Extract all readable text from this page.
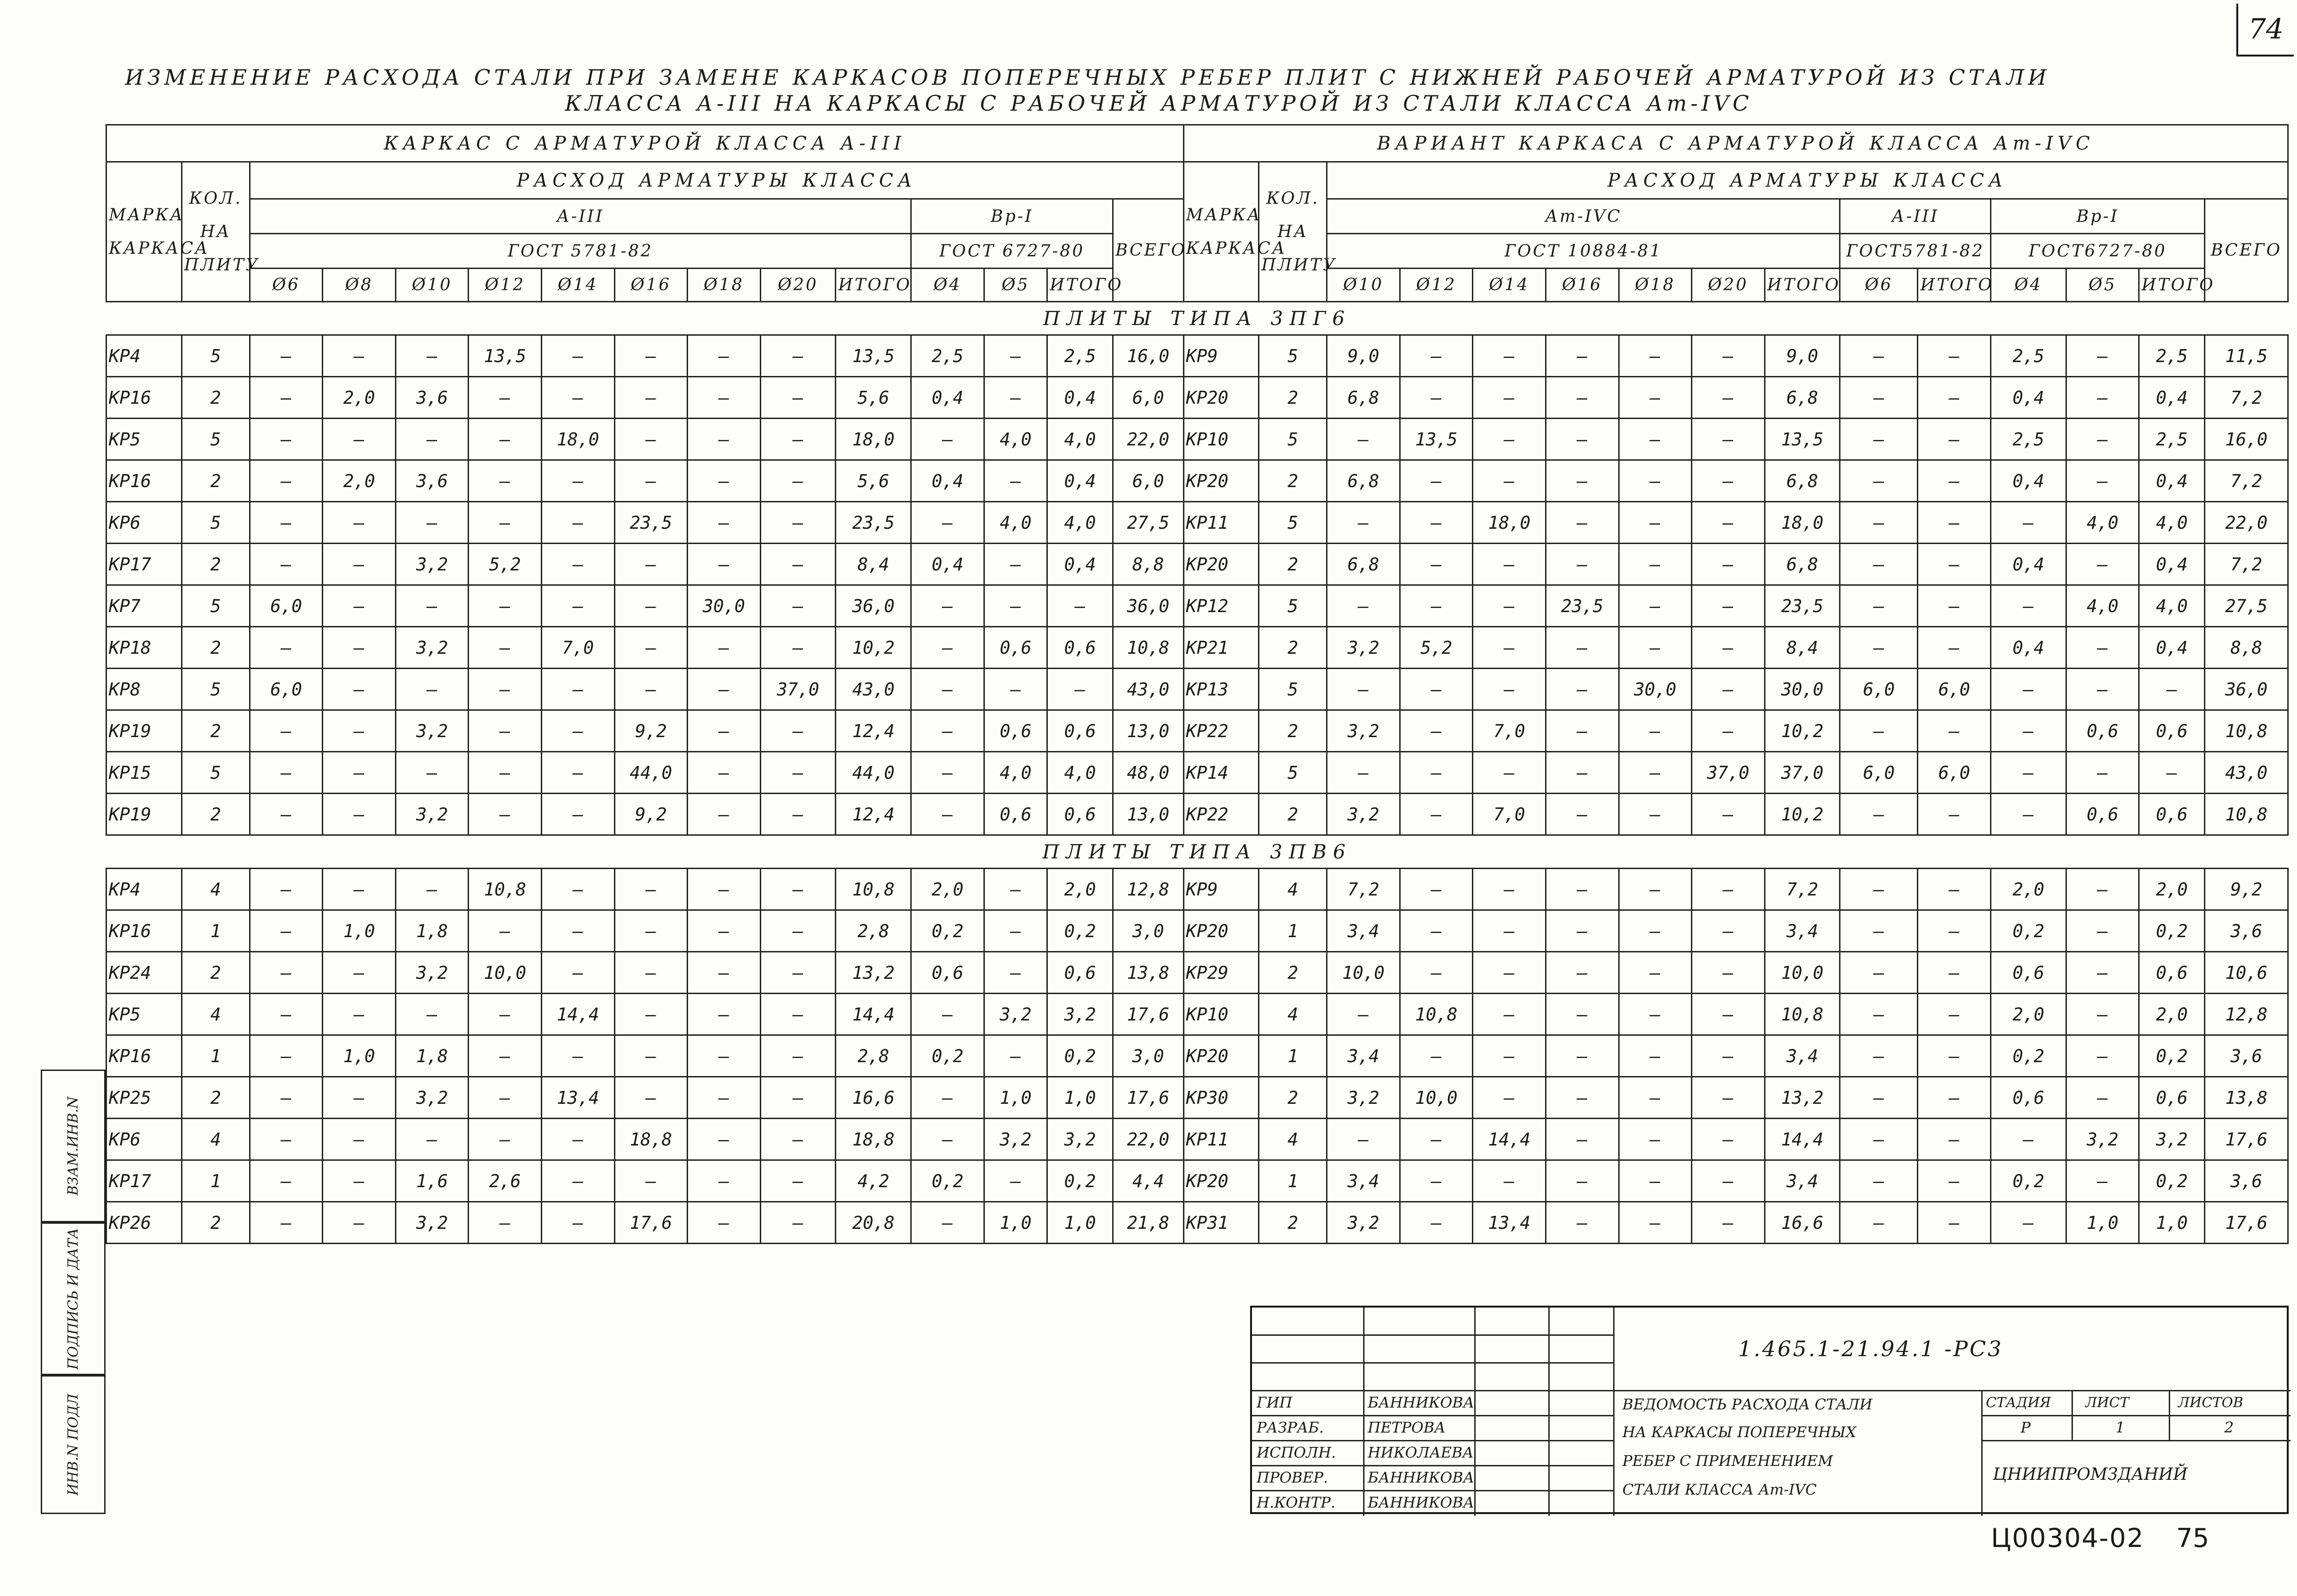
74
ИЗМЕНЕНИЕ РАСХОДА СТАЛИ ПРИ ЗАМЕНЕ КАРКАСОВ ПОПЕРЕЧНЫХ РЕБЕР ПЛИТ С НИЖНЕЙ РАБОЧЕЙ АРМАТУРОЙ ИЗ СТАЛИ
КЛАССА А-III НА КАРКАСЫ С РАБОЧЕЙ АРМАТУРОЙ ИЗ СТАЛИ КЛАССА Ат-IVС
КАРКАС С АРМАТУРОЙ КЛАССА А-III															ВАРИАНТ КАРКАСА С АРМАТУРОЙ КЛАССА Ат-IVС														
МАРКА КАРКАСА	КОЛ. НА ПЛИТУ	РАСХОД АРМАТУРЫ КЛАССА													МАРКА КАРКАСА	КОЛ. НА ПЛИТУ	РАСХОД АРМАТУРЫ КЛАССА												
		А-III									Вр-I			ВСЕГО			Ат-IVС							А-III		Вр-I			ВСЕГО
		ГОСТ 5781-82									ГОСТ 6727-80						ГОСТ 10884-81							ГОСТ5781-82		ГОСТ6727-80			
		Ø6	Ø8	Ø10	Ø12	Ø14	Ø16	Ø18	Ø20	ИТОГО	Ø4	Ø5	ИТОГО				Ø10	Ø12	Ø14	Ø16	Ø18	Ø20	ИТОГО	Ø6	ИТОГО	Ø4	Ø5	ИТОГО	
ПЛИТЫ ТИПА 3ПГ6																													
КР4	5	—	—	—	13,5	—	—	—	—	13,5	2,5	—	2,5	16,0	КР9	5	9,0	—	—	—	—	—	9,0	—	—	2,5	—	2,5	11,5
КР16	2	—	2,0	3,6	—	—	—	—	—	5,6	0,4	—	0,4	6,0	КР20	2	6,8	—	—	—	—	—	6,8	—	—	0,4	—	0,4	7,2
КР5	5	—	—	—	—	18,0	—	—	—	18,0	—	4,0	4,0	22,0	КР10	5	—	13,5	—	—	—	—	13,5	—	—	2,5	—	2,5	16,0
КР16	2	—	2,0	3,6	—	—	—	—	—	5,6	0,4	—	0,4	6,0	КР20	2	6,8	—	—	—	—	—	6,8	—	—	0,4	—	0,4	7,2
КР6	5	—	—	—	—	—	23,5	—	—	23,5	—	4,0	4,0	27,5	КР11	5	—	—	18,0	—	—	—	18,0	—	—	—	4,0	4,0	22,0
КР17	2	—	—	3,2	5,2	—	—	—	—	8,4	0,4	—	0,4	8,8	КР20	2	6,8	—	—	—	—	—	6,8	—	—	0,4	—	0,4	7,2
КР7	5	6,0	—	—	—	—	—	30,0	—	36,0	—	—	—	36,0	КР12	5	—	—	—	23,5	—	—	23,5	—	—	—	4,0	4,0	27,5
КР18	2	—	—	3,2	—	7,0	—	—	—	10,2	—	0,6	0,6	10,8	КР21	2	3,2	5,2	—	—	—	—	8,4	—	—	0,4	—	0,4	8,8
КР8	5	6,0	—	—	—	—	—	—	37,0	43,0	—	—	—	43,0	КР13	5	—	—	—	—	30,0	—	30,0	6,0	6,0	—	—	—	36,0
КР19	2	—	—	3,2	—	—	9,2	—	—	12,4	—	0,6	0,6	13,0	КР22	2	3,2	—	7,0	—	—	—	10,2	—	—	—	0,6	0,6	10,8
КР15	5	—	—	—	—	—	44,0	—	—	44,0	—	4,0	4,0	48,0	КР14	5	—	—	—	—	—	37,0	37,0	6,0	6,0	—	—	—	43,0
КР19	2	—	—	3,2	—	—	9,2	—	—	12,4	—	0,6	0,6	13,0	КР22	2	3,2	—	7,0	—	—	—	10,2	—	—	—	0,6	0,6	10,8
ПЛИТЫ ТИПА 3ПВ6																													
КР4	4	—	—	—	10,8	—	—	—	—	10,8	2,0	—	2,0	12,8	КР9	4	7,2	—	—	—	—	—	7,2	—	—	2,0	—	2,0	9,2
КР16	1	—	1,0	1,8	—	—	—	—	—	2,8	0,2	—	0,2	3,0	КР20	1	3,4	—	—	—	—	—	3,4	—	—	0,2	—	0,2	3,6
КР24	2	—	—	3,2	10,0	—	—	—	—	13,2	0,6	—	0,6	13,8	КР29	2	10,0	—	—	—	—	—	10,0	—	—	0,6	—	0,6	10,6
КР5	4	—	—	—	—	14,4	—	—	—	14,4	—	3,2	3,2	17,6	КР10	4	—	10,8	—	—	—	—	10,8	—	—	2,0	—	2,0	12,8
КР16	1	—	1,0	1,8	—	—	—	—	—	2,8	0,2	—	0,2	3,0	КР20	1	3,4	—	—	—	—	—	3,4	—	—	0,2	—	0,2	3,6
КР25	2	—	—	3,2	—	13,4	—	—	—	16,6	—	1,0	1,0	17,6	КР30	2	3,2	10,0	—	—	—	—	13,2	—	—	0,6	—	0,6	13,8
КР6	4	—	—	—	—	—	18,8	—	—	18,8	—	3,2	3,2	22,0	КР11	4	—	—	14,4	—	—	—	14,4	—	—	—	3,2	3,2	17,6
КР17	1	—	—	1,6	2,6	—	—	—	—	4,2	0,2	—	0,2	4,4	КР20	1	3,4	—	—	—	—	—	3,4	—	—	0,2	—	0,2	3,6
КР26	2	—	—	3,2	—	—	17,6	—	—	20,8	—	1,0	1,0	21,8	КР31	2	3,2	—	13,4	—	—	—	16,6	—	—	—	1,0	1,0	17,6

ВЗАМ.ИНВ.N
ПОДПИСЬ И ДАТА
ИНВ.N ПОДЛ
1.465.1-21.94.1 -РС3
ГИП	БАННИКОВА
РАЗРАБ.	ПЕТРОВА
ИСПОЛН. НИКОЛАЕВА
ПРОВЕР.	БАННИКОВА
Н.КОНТР. БАННИКОВА
ВЕДОМОСТЬ РАСХОДА СТАЛИ
НА КАРКАСЫ ПОПЕРЕЧНЫХ
РЕБЕР С ПРИМЕНЕНИЕМ
СТАЛИ КЛАССА Ат-IVС
СТАДИЯ ЛИСТ	ЛИСТОВ
Р	1	2
ЦНИИПРОМЗДАНИЙ
Ц00304-02 75
